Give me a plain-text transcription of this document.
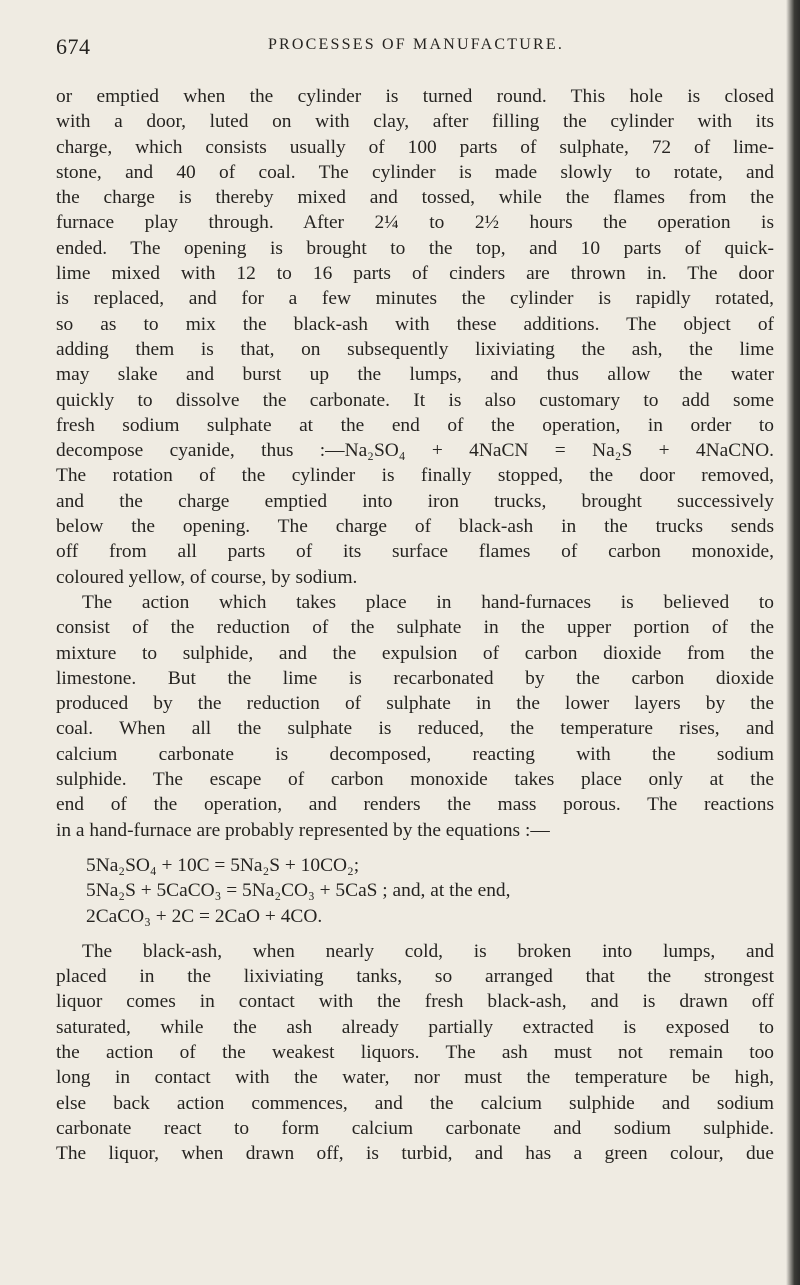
674	PROCESSES OF MANUFACTURE.
or emptied when the cylinder is turned round. This hole is closed
with a door, luted on with clay, after filling the cylinder with its
charge, which consists usually of 100 parts of sulphate, 72 of lime-
stone, and 40 of coal. The cylinder is made slowly to rotate, and
the charge is thereby mixed and tossed, while the flames from the
furnace play through. After 2¼ to 2½ hours the operation is
ended. The opening is brought to the top, and 10 parts of quick-
lime mixed with 12 to 16 parts of cinders are thrown in. The door
is replaced, and for a few minutes the cylinder is rapidly rotated,
so as to mix the black-ash with these additions. The object of
adding them is that, on subsequently lixiviating the ash, the lime
may slake and burst up the lumps, and thus allow the water
quickly to dissolve the carbonate. It is also customary to add some
fresh sodium sulphate at the end of the operation, in order to
decompose cyanide, thus :—Na₂SO₄ + 4NaCN = Na₂S + 4NaCNO.
The rotation of the cylinder is finally stopped, the door removed,
and the charge emptied into iron trucks, brought successively
below the opening. The charge of black-ash in the trucks sends
off from all parts of its surface flames of carbon monoxide,
coloured yellow, of course, by sodium.
The action which takes place in hand-furnaces is believed to
consist of the reduction of the sulphate in the upper portion of the
mixture to sulphide, and the expulsion of carbon dioxide from the
limestone. But the lime is recarbonated by the carbon dioxide
produced by the reduction of sulphate in the lower layers by the
coal. When all the sulphate is reduced, the temperature rises, and
calcium carbonate is decomposed, reacting with the sodium
sulphide. The escape of carbon monoxide takes place only at the
end of the operation, and renders the mass porous. The reactions
in a hand-furnace are probably represented by the equations :—
5Na₂SO₄ + 10C = 5Na₂S + 10CO₂;
5Na₂S + 5CaCO₃ = 5Na₂CO₃ + 5CaS ; and, at the end,
2CaCO₃ + 2C = 2CaO + 4CO.
The black-ash, when nearly cold, is broken into lumps, and
placed in the lixiviating tanks, so arranged that the strongest
liquor comes in contact with the fresh black-ash, and is drawn off
saturated, while the ash already partially extracted is exposed to
the action of the weakest liquors. The ash must not remain too
long in contact with the water, nor must the temperature be high,
else back action commences, and the calcium sulphide and sodium
carbonate react to form calcium carbonate and sodium sulphide.
The liquor, when drawn off, is turbid, and has a green colour, due
